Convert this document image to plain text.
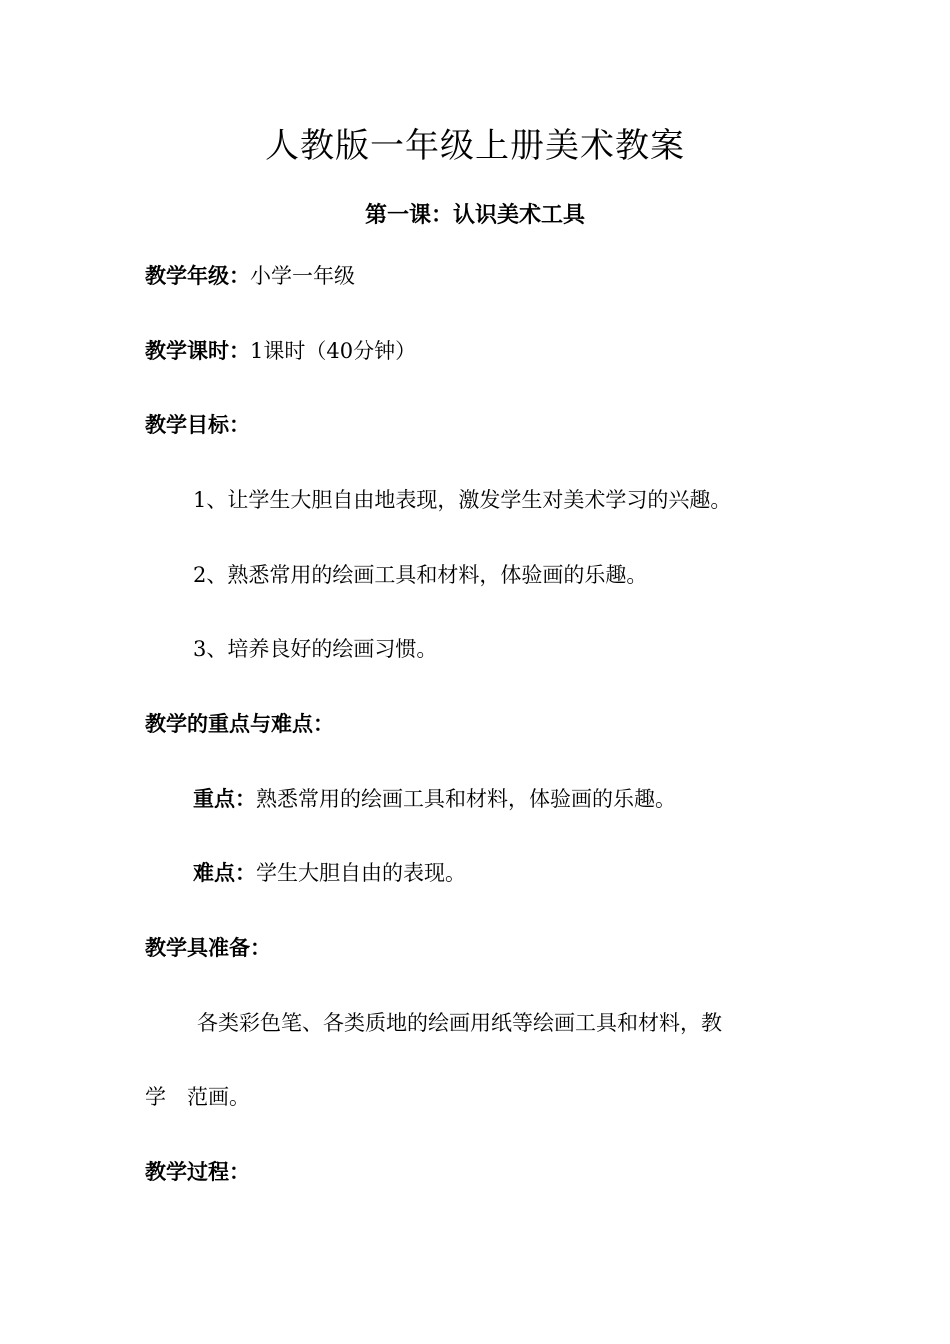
人教版一年级上册美术教案
第一课：认识美术工具
教学年级：小学一年级
教学课时：1课时（40分钟）
教学目标：
1、让学生大胆自由地表现，激发学生对美术学习的兴趣。
2、熟悉常用的绘画工具和材料，体验画的乐趣。
3、培养良好的绘画习惯。
教学的重点与难点：
重点：熟悉常用的绘画工具和材料，体验画的乐趣。
难点：学生大胆自由的表现。
教学具准备：
各类彩色笔、各类质地的绘画用纸等绘画工具和材料，教
学　范画。
教学过程：
